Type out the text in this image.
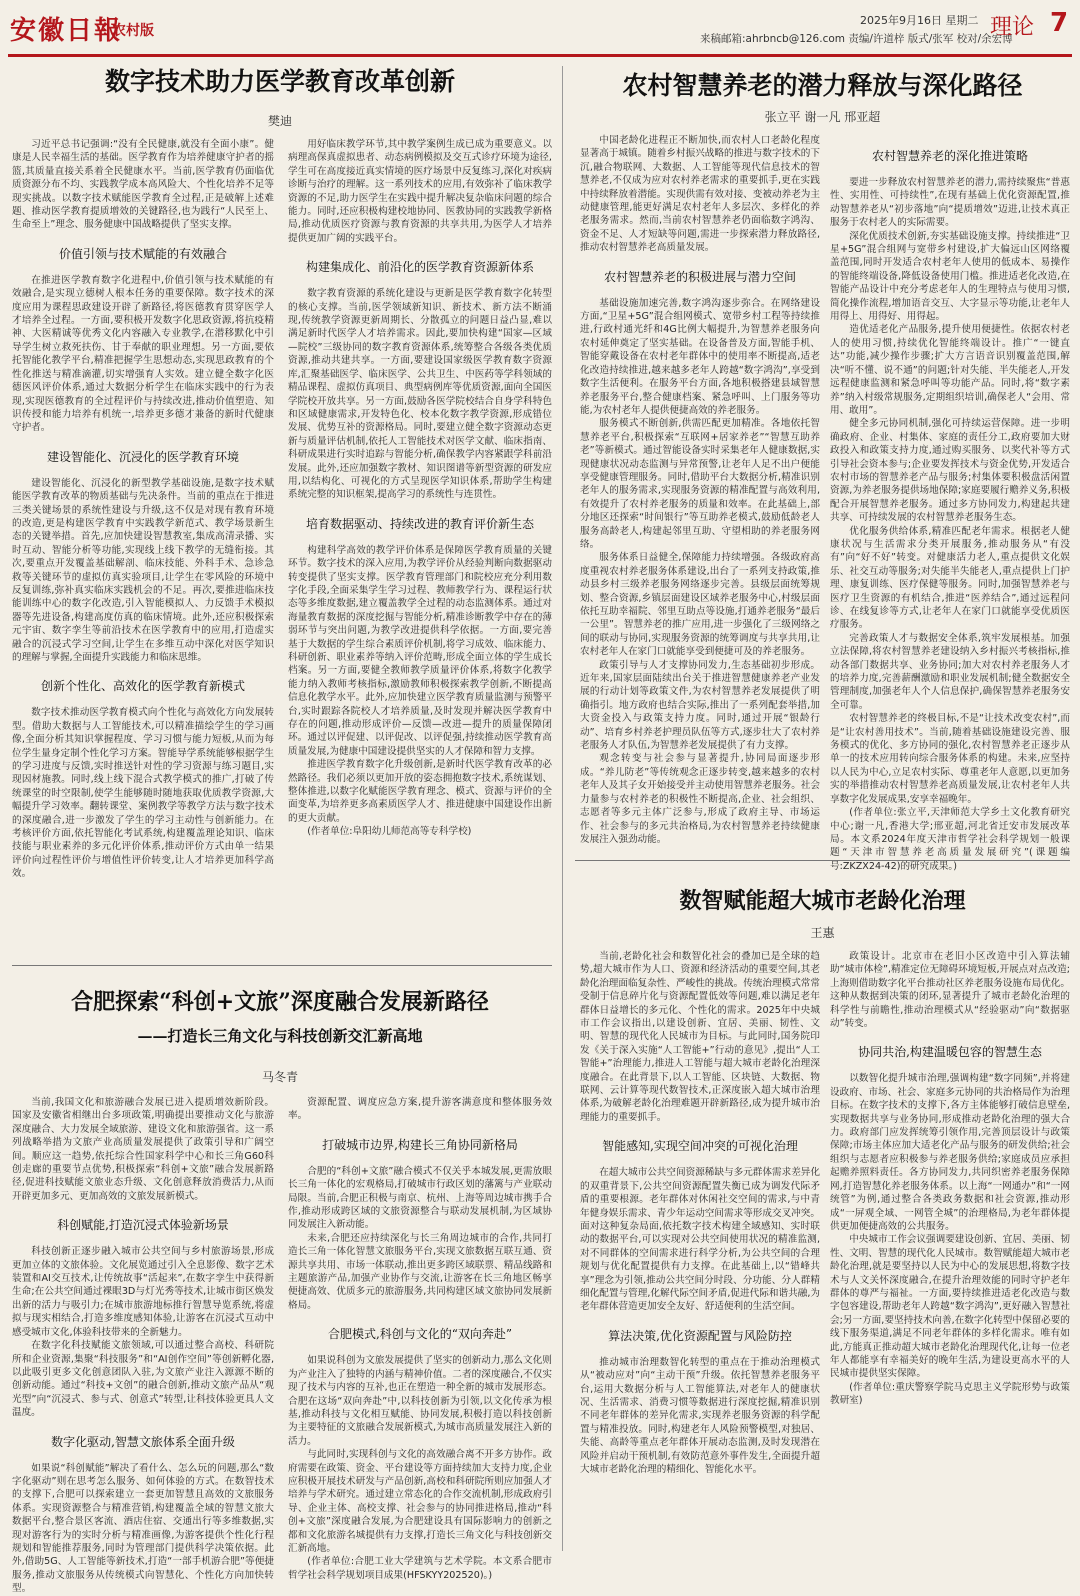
安徽日報
农村版
2025年9月16日 星期二
来稿邮箱:ahrbncb@126.com 责编/许道梓 版式/张军 校对/余宏博
理论 7
数字技术助力医学教育改革创新
樊迪

习近平总书记强调:“没有全民健康,就没有全面小康”。健康是人民幸福生活的基础。医学教育作为培养健康守护者的摇篮,其质量直接关系着全民健康水平。当前,医学教育仍面临优质资源分布不均、实践教学成本高风险大、个性化培养不足等现实挑战。以数字技术赋能医学教育全过程,正是破解上述难题、推动医学教育提质增效的关键路径,也为践行“人民至上、生命至上”理念、服务健康中国战略提供了坚实支撑。

价值引领与技术赋能的有效融合

在推进医学教育数字化进程中,价值引领与技术赋能的有效融合,是实现立德树人根本任务的重要保障。数字技术的深度应用为课程思政建设开辟了新路径,将医德教育贯穿医学人才培养全过程。一方面,要积极开发数字化思政资源,将抗疫精神、大医精诚等优秀文化内容融入专业教学,在潜移默化中引导学生树立救死扶伤、甘于奉献的职业理想。另一方面,要依托智能化教学平台,精准把握学生思想动态,实现思政教育的个性化推送与精准滴灌,切实增强育人实效。建立健全数字化医德医风评价体系,通过大数据分析学生在临床实践中的行为表现,实现医德教育的全过程评价与持续改进,推动价值塑造、知识传授和能力培养有机统一,培养更多德才兼备的新时代健康守护者。

建设智能化、沉浸化的医学教育环境

建设智能化、沉浸化的新型教学基础设施,是数字技术赋能医学教育改革的物质基础与先决条件。当前的重点在于推进三类关键场景的系统性建设与升级,这不仅是对现有教育环境的改造,更是构建医学教育中实践教学新范式、教学场景新生态的关键举措。首先,应加快建设智慧教室,集成高清录播、实时互动、智能分析等功能,实现线上线下教学的无缝衔接。其次,要重点开发覆盖基础解剖、临床技能、外科手术、急诊急救等关键环节的虚拟仿真实验项目,让学生在零风险的环境中反复训练,弥补真实临床实践机会的不足。再次,要推进临床技能训练中心的数字化改造,引入智能模拟人、力反馈手术模拟器等先进设备,构建高度仿真的临床情境。此外,还应积极探索元宇宙、数字孪生等前沿技术在医学教育中的应用,打造虚实融合的沉浸式学习空间,让学生在多维互动中深化对医学知识的理解与掌握,全面提升实践能力和临床思维。

创新个性化、高效化的医学教育新模式

数字技术推动医学教育模式向个性化与高效化方向发展转型。借助大数据与人工智能技术,可以精准描绘学生的学习画像,全面分析其知识掌握程度、学习习惯与能力短板,从而为每位学生量身定制个性化学习方案。智能导学系统能够根据学生的学习进度与反馈,实时推送针对性的学习资源与练习题目,实现因材施教。同时,线上线下混合式教学模式的推广,打破了传统课堂的时空限制,使学生能够随时随地获取优质教学资源,大幅提升学习效率。翻转课堂、案例教学等教学方法与数字技术的深度融合,进一步激发了学生的学习主动性与创新能力。在考核评价方面,依托智能化考试系统,构建覆盖理论知识、临床技能与职业素养的多元化评价体系,推动评价方式由单一结果评价向过程性评价与增值性评价转变,让人才培养更加科学高效。

用好临床教学环节,其中教学案例生成已成为重要意义。以病理高保真虚拟患者、动态病例模拟及交互式诊疗环境为途径,学生可在高度接近真实情境的医疗场景中反复练习,深化对疾病诊断与治疗的理解。这一系列技术的应用,有效弥补了临床教学资源的不足,助力医学生在实践中提升解决复杂临床问题的综合能力。同时,还应积极构建校地协同、医教协同的实践教学新格局,推动优质医疗资源与教育资源的共享共用,为医学人才培养提供更加广阔的实践平台。

构建集成化、前沿化的医学教育资源新体系

数字教育资源的系统化建设与更新是医学教育数字化转型的核心支撑。当前,医学领域新知识、新技术、新方法不断涌现,传统教学资源更新周期长、分散孤立的问题日益凸显,难以满足新时代医学人才培养需求。因此,要加快构建“国家—区域—院校”三级协同的数字教育资源体系,统筹整合各级各类优质资源,推动共建共享。一方面,要建设国家级医学教育数字资源库,汇聚基础医学、临床医学、公共卫生、中医药等学科领域的精品课程、虚拟仿真项目、典型病例库等优质资源,面向全国医学院校开放共享。另一方面,鼓励各医学院校结合自身学科特色和区域健康需求,开发特色化、校本化数字教学资源,形成错位发展、优势互补的资源格局。同时,要建立健全数字资源动态更新与质量评估机制,依托人工智能技术对医学文献、临床指南、科研成果进行实时追踪与智能分析,确保教学内容紧跟学科前沿发展。此外,还应加强数字教材、知识图谱等新型资源的研发应用,以结构化、可视化的方式呈现医学知识体系,帮助学生构建系统完整的知识框架,提高学习的系统性与连贯性。

培育数据驱动、持续改进的教育评价新生态

构建科学高效的教学评价体系是保障医学教育质量的关键环节。数字技术的深入应用,为教学评价从经验判断向数据驱动转变提供了坚实支撑。医学教育管理部门和院校应充分利用数字化手段,全面采集学生学习过程、教师教学行为、课程运行状态等多维度数据,建立覆盖教学全过程的动态监测体系。通过对海量教育数据的深度挖掘与智能分析,精准诊断教学中存在的薄弱环节与突出问题,为教学改进提供科学依据。一方面,要完善基于大数据的学生综合素质评价机制,将学习成效、临床能力、科研创新、职业素养等纳入评价范畴,形成全面立体的学生成长档案。另一方面,要健全教师教学质量评价体系,将数字化教学能力纳入教师考核指标,激励教师积极探索教学创新,不断提高信息化教学水平。此外,应加快建立医学教育质量监测与预警平台,实时跟踪各院校人才培养质量,及时发现并解决医学教育中存在的问题,推动形成评价—反馈—改进—提升的质量保障闭环。通过以评促建、以评促改、以评促强,持续推动医学教育高质量发展,为健康中国建设提供坚实的人才保障和智力支撑。

推进医学教育数字化升级创新,是新时代医学教育改革的必然路径。我们必须以更加开放的姿态拥抱数字技术,系统谋划、整体推进,以数字化赋能医学教育理念、模式、资源与评价的全面变革,为培养更多高素质医学人才、推进健康中国建设作出新的更大贡献。

(作者单位:阜阳幼儿师范高等专科学校)

农村智慧养老的潜力释放与深化路径
张立平 谢一凡 邢亚超

中国老龄化进程正不断加快,而农村人口老龄化程度显著高于城镇。随着乡村振兴战略的推进与数字技术的下沉,融合物联网、大数据、人工智能等现代信息技术的智慧养老,不仅成为应对农村养老需求的重要抓手,更在实践中持续释放着潜能。实现供需有效对接、变被动养老为主动健康管理,能更好满足农村老年人多层次、多样化的养老服务需求。然而,当前农村智慧养老仍面临数字鸿沟、资金不足、人才短缺等问题,需进一步探索潜力释放路径,推动农村智慧养老高质量发展。

农村智慧养老的积极进展与潜力空间

基础设施加速完善,数字鸿沟逐步弥合。在网络建设方面,“卫星+5G”混合组网模式、宽带乡村工程等持续推进,行政村通光纤和4G比例大幅提升,为智慧养老服务向农村延伸奠定了坚实基础。在设备普及方面,智能手机、智能穿戴设备在农村老年群体中的使用率不断提高,适老化改造持续推进,越来越多老年人跨越“数字鸿沟”,享受到数字生活便利。在服务平台方面,各地积极搭建县域智慧养老服务平台,整合健康档案、紧急呼叫、上门服务等功能,为农村老年人提供便捷高效的养老服务。

服务模式不断创新,供需匹配更加精准。各地依托智慧养老平台,积极探索“互联网+居家养老”“智慧互助养老”等新模式。通过智能设备实时采集老年人健康数据,实现健康状况动态监测与异常预警,让老年人足不出户便能享受健康管理服务。同时,借助平台大数据分析,精准识别老年人的服务需求,实现服务资源的精准配置与高效利用,有效提升了农村养老服务的质量和效率。在此基础上,部分地区还探索“时间银行”等互助养老模式,鼓励低龄老人服务高龄老人,构建起邻里互助、守望相助的养老服务网络。

服务体系日益健全,保障能力持续增强。各级政府高度重视农村养老服务体系建设,出台了一系列支持政策,推动县乡村三级养老服务网络逐步完善。县级层面统筹规划、整合资源,乡镇层面建设区域养老服务中心,村级层面依托互助幸福院、邻里互助点等设施,打通养老服务“最后一公里”。智慧养老的推广应用,进一步强化了三级网络之间的联动与协同,实现服务资源的统筹调度与共享共用,让农村老年人在家门口就能享受到便捷可及的养老服务。

政策引导与人才支撑协同发力,生态基础初步形成。近年来,国家层面陆续出台关于推进智慧健康养老产业发展的行动计划等政策文件,为农村智慧养老发展提供了明确指引。地方政府也结合实际,推出了一系列配套举措,加大资金投入与政策支持力度。同时,通过开展“银龄行动”、培育乡村养老护理员队伍等方式,逐步壮大了农村养老服务人才队伍,为智慧养老发展提供了有力支撑。

观念转变与社会参与显著提升,协同局面逐步形成。“养儿防老”等传统观念正逐步转变,越来越多的农村老年人及其子女开始接受并主动使用智慧养老服务。社会力量参与农村养老的积极性不断提高,企业、社会组织、志愿者等多元主体广泛参与,形成了政府主导、市场运作、社会参与的多元共治格局,为农村智慧养老持续健康发展注入强劲动能。

农村智慧养老的深化推进策略

要进一步释放农村智慧养老的潜力,需持续聚焦“普惠性、实用性、可持续性”,在现有基础上优化资源配置,推动智慧养老从“初步落地”向“提质增效”迈进,让技术真正服务于农村老人的实际需要。

深化优质技术创新,夯实基础设施支撑。持续推进“卫星+5G”混合组网与宽带乡村建设,扩大偏远山区网络覆盖范围,同时开发适合农村老年人使用的低成本、易操作的智能终端设备,降低设备使用门槛。推进适老化改造,在智能产品设计中充分考虑老年人的生理特点与使用习惯,简化操作流程,增加语音交互、大字显示等功能,让老年人用得上、用得好、用得起。

造优适老化产品服务,提升使用便捷性。依据农村老人的使用习惯,持续优化智能终端设计。推广“一键直达”功能,减少操作步骤;扩大方言语音识别覆盖范围,解决“听不懂、说不通”的问题;针对失能、半失能老人,开发远程健康监测和紧急呼叫等功能产品。同时,将“数字素养”纳入村级常规服务,定期组织培训,确保老人“会用、常用、敢用”。

健全多元协同机制,强化可持续运营保障。进一步明确政府、企业、村集体、家庭的责任分工,政府要加大财政投入和政策支持力度,通过购买服务、以奖代补等方式引导社会资本参与;企业要发挥技术与资金优势,开发适合农村市场的智慧养老产品与服务;村集体要积极盘活闲置资源,为养老服务提供场地保障;家庭要履行赡养义务,积极配合开展智慧养老服务。通过多方协同发力,构建起共建共享、可持续发展的农村智慧养老服务生态。

优化服务供给体系,精准匹配老年需求。根据老人健康状况与生活需求分类开展服务,推动服务从“有没有”向“好不好”转变。对健康活力老人,重点提供文化娱乐、社交互动等服务;对失能半失能老人,重点提供上门护理、康复训练、医疗保健等服务。同时,加强智慧养老与医疗卫生资源的有机结合,推进“医养结合”,通过远程问诊、在线复诊等方式,让老年人在家门口就能享受优质医疗服务。

完善政策人才与数据安全体系,筑牢发展根基。加强立法保障,将农村智慧养老建设纳入乡村振兴考核指标,推动各部门数据共享、业务协同;加大对农村养老服务人才的培养力度,完善薪酬激励和职业发展机制;健全数据安全管理制度,加强老年人个人信息保护,确保智慧养老服务安全可靠。

农村智慧养老的终极目标,不是“让技术改变农村”,而是“让农村善用技术”。当前,随着基础设施建设完善、服务模式的优化、多方协同的强化,农村智慧养老正逐步从单一的技术应用转向综合服务体系的构建。未来,应坚持以人民为中心,立足农村实际、尊重老年人意愿,以更加务实的举措推动农村智慧养老高质量发展,让农村老年人共享数字化发展成果,安享幸福晚年。

(作者单位:张立平,天津师范大学乡土文化教育研究中心;谢一凡,香港大学;邢亚超,河北省迁安市发展改革局。本文系2024年度天津市哲学社会科学规划一般课题“天津市智慧养老高质量发展研究”(课题编号:ZKZX24-42)的研究成果。)

合肥探索“科创+文旅”深度融合发展新路径
——打造长三角文化与科技创新交汇新高地
马冬青

当前,我国文化和旅游融合发展已进入提质增效新阶段。国家及安徽省相继出台多项政策,明确提出要推动文化与旅游深度融合、大力发展全域旅游、建设文化和旅游强省。这一系列战略举措为文旅产业高质量发展提供了政策引导和广阔空间。顺应这一趋势,依托综合性国家科学中心和长三角G60科创走廊的重要节点优势,积极探索“科创+文旅”融合发展新路径,促进科技赋能文旅业态升级、文化创意释放消费活力,从而开辟更加多元、更加高效的文旅发展新模式。

科创赋能,打造沉浸式体验新场景

科技创新正逐步融入城市公共空间与乡村旅游场景,形成更加立体的文旅体验。文化展览通过引入全息影像、数字艺术装置和AI交互技术,让传统故事“活起来”,在数字孪生中获得新生命;在公共空间通过裸眼3D与灯光秀等技术,让城市街区焕发出新的活力与吸引力;在城市旅游地标推行智慧导览系统,将虚拟与现实相结合,打造多维度感知体验,让游客在沉浸式互动中感受城市文化,体验科技带来的全新魅力。

在数字化科技赋能文旅领域,可以通过整合高校、科研院所和企业资源,集聚“科技服务”和“AI创作空间”等创新孵化器,以此吸引更多文化创意团队入驻,为文旅产业注入源源不断的创新动能。通过“科技+文创”的融合创新,推动文旅产品从“观光型”向“沉浸式、参与式、创意式”转型,让科技体验更具人文温度。

数字化驱动,智慧文旅体系全面升级

如果说“科创赋能”解决了看什么、怎么玩的问题,那么“数字化驱动”则在思考怎么服务、如何体验的方式。在数智技术的支撑下,合肥可以探索建立一套更加智慧且高效的文旅服务体系。实现资源整合与精准营销,构建覆盖全域的智慧文旅大数据平台,整合景区客流、酒店住宿、交通出行等多维数据,实现对游客行为的实时分析与精准画像,为游客提供个性化行程规划和智能推荐服务,同时为管理部门提供科学决策依据。此外,借助5G、人工智能等新技术,打造“一部手机游合肥”等便捷服务,推动文旅服务从传统模式向智慧化、个性化方向加快转型。

资源配置、调度应急方案,提升游客满意度和整体服务效率。

打破城市边界,构建长三角协同新格局

合肥的“科创+文旅”融合模式不仅关乎本城发展,更需放眼长三角一体化的宏观格局,打破城市行政区划的藩篱与产业联动局限。当前,合肥正积极与南京、杭州、上海等周边城市携手合作,推动形成跨区域的文旅资源整合与联动发展机制,为区域协同发展注入新动能。

未来,合肥还应持续深化与长三角周边城市的合作,共同打造长三角一体化智慧文旅服务平台,实现文旅数据互联互通、资源共享共用、市场一体联动,推出更多跨区域联票、精品线路和主题旅游产品,加强产业协作与交流,让游客在长三角地区畅享便捷高效、优质多元的旅游服务,共同构建区域文旅协同发展新格局。

合肥模式,科创与文化的“双向奔赴”

如果说科创为文旅发展提供了坚实的创新动力,那么文化则为产业注入了独特的内涵与精神价值。二者的深度融合,不仅实现了技术与内容的互补,也正在塑造一种全新的城市发展形态。合肥在这场“双向奔赴”中,以科技创新为引领,以文化传承为根基,推动科技与文化相互赋能、协同发展,积极打造以科技创新为主要特征的文旅融合发展新模式,为城市高质量发展注入新的活力。

与此同时,实现科创与文化的高效融合离不开多方协作。政府需要在政策、资金、平台建设等方面持续加大支持力度,企业应积极开展技术研发与产品创新,高校和科研院所则应加强人才培养与学术研究。通过建立常态化的合作交流机制,形成政府引导、企业主体、高校支撑、社会参与的协同推进格局,推动“科创+文旅”深度融合发展,为合肥建设具有国际影响力的创新之都和文化旅游名城提供有力支撑,打造长三角文化与科技创新交汇新高地。

(作者单位:合肥工业大学建筑与艺术学院。本文系合肥市哲学社会科学规划项目成果(HFSKYY202520)。)

数智赋能超大城市老龄化治理
王惠

当前,老龄化社会和数智化社会的叠加已是全球的趋势,超大城市作为人口、资源和经济活动的重要空间,其老龄化治理面临复杂性、严峻性的挑战。传统治理模式常常受制于信息碎片化与资源配置低效等问题,难以满足老年群体日益增长的多元化、个性化的需求。2025年中央城市工作会议指出,以建设创新、宜居、美丽、韧性、文明、智慧的现代化人民城市为目标。与此同时,国务院印发《关于深入实施“人工智能+”行动的意见》,提出“人工智能+”治理能力,推进人工智能与超大城市老龄化治理深度融合。在此背景下,以人工智能、区块链、大数据、物联网、云计算等现代数智技术,正深度嵌入超大城市治理体系,为破解老龄化治理难题开辟新路径,成为提升城市治理能力的重要抓手。

智能感知,实现空间冲突的可视化治理

在超大城市公共空间资源稀缺与多元群体需求差异化的双重背景下,公共空间资源配置失衡已成为调发代际矛盾的重要根源。老年群体对休闲社交空间的需求,与中青年健身娱乐需求、青少年运动空间需求等形成交叉冲突。面对这种复杂局面,依托数字技术构建全域感知、实时联动的数据平台,可以实现对公共空间使用状况的精准监测,对不同群体的空间需求进行科学分析,为公共空间的合理规划与优化配置提供有力支撑。在此基础上,以“错峰共享”理念为引领,推动公共空间分时段、分功能、分人群精细化配置与管理,化解代际空间矛盾,促进代际和谐共融,为老年群体营造更加安全友好、舒适便利的生活空间。

算法决策,优化资源配置与风险防控

推动城市治理数智化转型的重点在于推动治理模式从“被动应对”向“主动干预”升级。依托智慧养老服务平台,运用大数据分析与人工智能算法,对老年人的健康状况、生活需求、消费习惯等数据进行深度挖掘,精准识别不同老年群体的差异化需求,实现养老服务资源的科学配置与精准投放。同时,构建老年人风险预警模型,对独居、失能、高龄等重点老年群体开展动态监测,及时发现潜在风险并启动干预机制,有效防范意外事件发生,全面提升超大城市老龄化治理的精细化、智能化水平。

政策设计。北京市在老旧小区改造中引入算法辅助“城市体检”,精准定位无障碍环境短板,开展点对点改造;上海则借助数字化平台推动社区养老服务设施布局优化。这种从数据到决策的闭环,显著提升了城市老龄化治理的科学性与前瞻性,推动治理模式从“经验驱动”向“数据驱动”转变。

协同共治,构建温暖包容的智慧生态

以数智化提升城市治理,强调构建“数字同频”,并将建设政府、市场、社会、家庭多元协同的共治格局作为治理目标。在数字技术的支撑下,各方主体能够打破信息壁垒,实现数据共享与业务协同,形成推动老龄化治理的强大合力。政府部门应发挥统筹引领作用,完善顶层设计与政策保障;市场主体应加大适老化产品与服务的研发供给;社会组织与志愿者应积极参与养老服务供给;家庭成员应承担起赡养照料责任。各方协同发力,共同织密养老服务保障网,打造智慧化养老服务体系。以上海“一网通办”和“一网统管”为例,通过整合各类政务数据和社会资源,推动形成“一屏观全域、一网管全城”的治理格局,为老年群体提供更加便捷高效的公共服务。

中央城市工作会议强调要建设创新、宜居、美丽、韧性、文明、智慧的现代化人民城市。数智赋能超大城市老龄化治理,就是要坚持以人民为中心的发展思想,将数字技术与人文关怀深度融合,在提升治理效能的同时守护老年群体的尊严与福祉。一方面,要持续推进适老化改造与数字包容建设,帮助老年人跨越“数字鸿沟”,更好融入智慧社会;另一方面,要坚持技术向善,在数字化转型中保留必要的线下服务渠道,满足不同老年群体的多样化需求。唯有如此,方能真正推动超大城市老龄化治理现代化,让每一位老年人都能享有幸福美好的晚年生活,为建设更高水平的人民城市提供坚实保障。

(作者单位:重庆警察学院马克思主义学院形势与政策教研室)
